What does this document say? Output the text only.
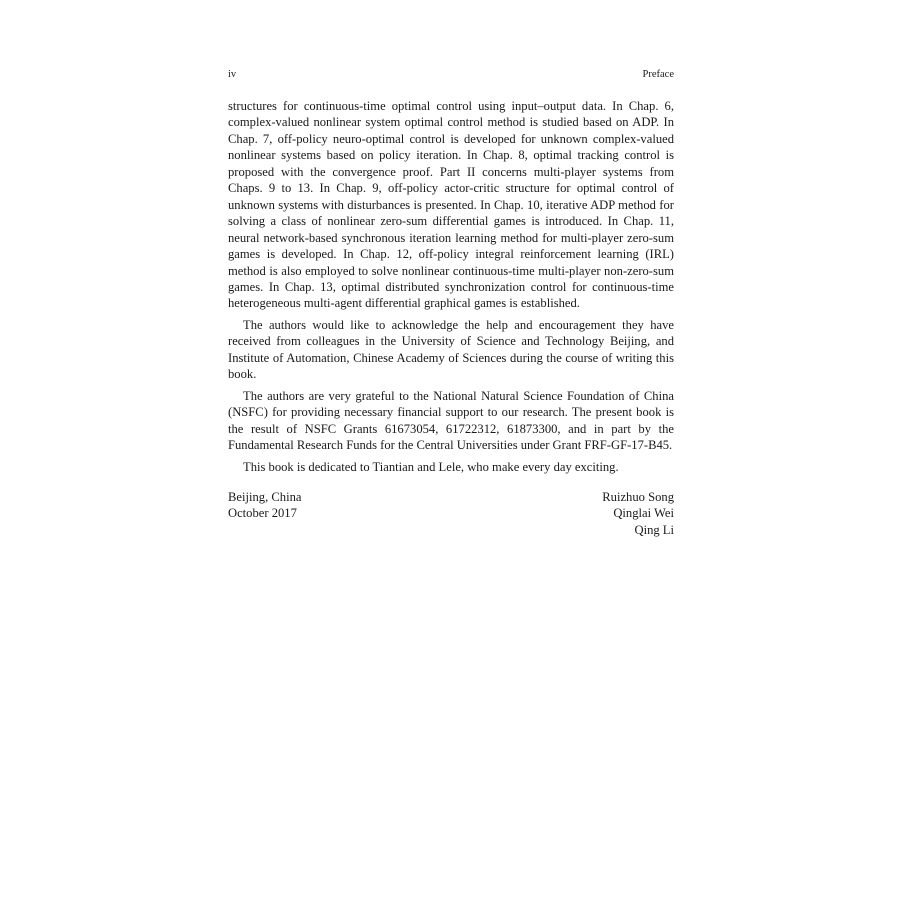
iv	Preface

structures for continuous-time optimal control using input–output data. In Chap. 6, complex-valued nonlinear system optimal control method is studied based on ADP. In Chap. 7, off-policy neuro-optimal control is developed for unknown complex-valued nonlinear systems based on policy iteration. In Chap. 8, optimal tracking control is proposed with the convergence proof. Part II concerns multi-player systems from Chaps. 9 to 13. In Chap. 9, off-policy actor-critic structure for optimal control of unknown systems with disturbances is presented. In Chap. 10, iterative ADP method for solving a class of nonlinear zero-sum differential games is introduced. In Chap. 11, neural network-based synchronous iteration learning method for multi-player zero-sum games is developed. In Chap. 12, off-policy integral reinforcement learning (IRL) method is also employed to solve nonlinear continuous-time multi-player non-zero-sum games. In Chap. 13, optimal distributed synchronization control for continuous-time heterogeneous multi-agent differential graphical games is established.

The authors would like to acknowledge the help and encouragement they have received from colleagues in the University of Science and Technology Beijing, and Institute of Automation, Chinese Academy of Sciences during the course of writing this book.

The authors are very grateful to the National Natural Science Foundation of China (NSFC) for providing necessary financial support to our research. The present book is the result of NSFC Grants 61673054, 61722312, 61873300, and in part by the Fundamental Research Funds for the Central Universities under Grant FRF-GF-17-B45.

This book is dedicated to Tiantian and Lele, who make every day exciting.

Beijing, China
October 2017
Ruizhuo Song
Qinglai Wei
Qing Li
